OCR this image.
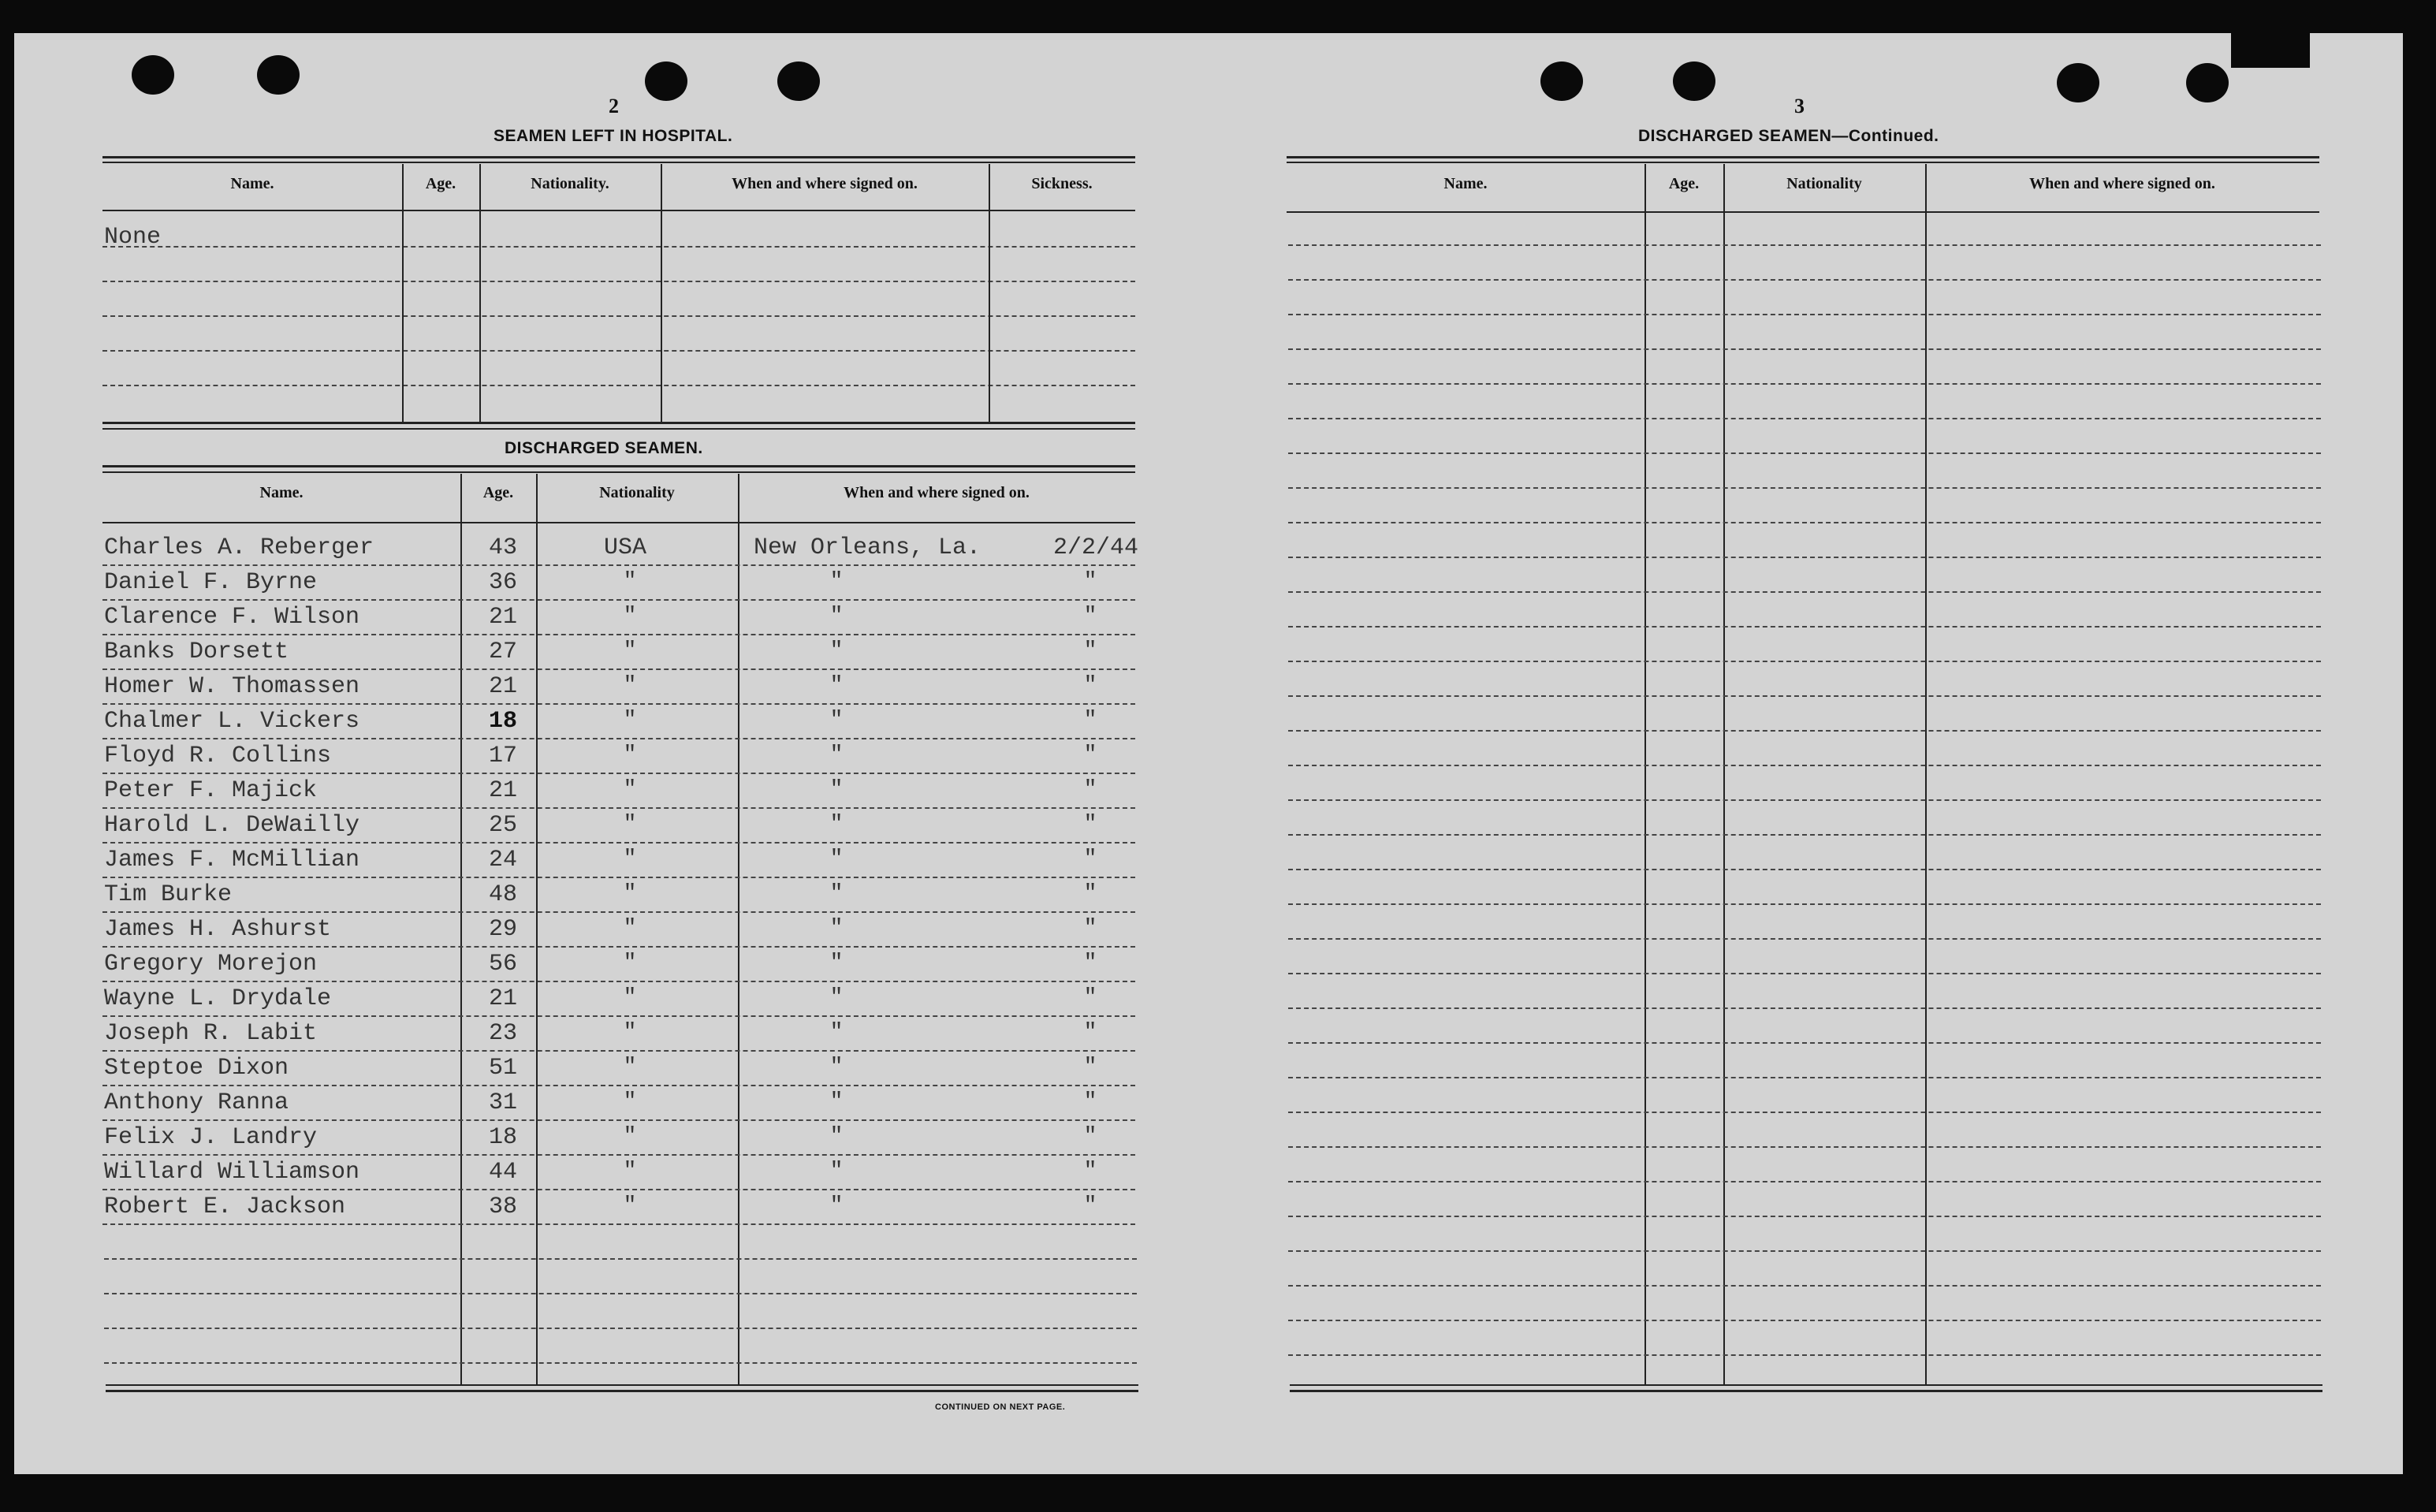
2
SEAMEN LEFT IN HOSPITAL.
Name.	Age.	Nationality.	When and where signed on.	Sickness.
None
DISCHARGED SEAMEN.
Name.	Age.	Nationality	When and where signed on.
Charles A. Reberger	43	USA	New Orleans, La.	2/2/44
Daniel F. Byrne	36	"	"	"
Clarence F. Wilson	21	"	"	"
Banks Dorsett	27	"	"	"
Homer W. Thomassen	21	"	"	"
Chalmer L. Vickers	18	"	"	"
Floyd R. Collins	17	"	"	"
Peter F. Majick	21	"	"	"
Harold L. DeWailly	25	"	"	"
James F. McMillian	24	"	"	"
Tim Burke	48	"	"	"
James H. Ashurst	29	"	"	"
Gregory Morejon	56	"	"	"
Wayne L. Drydale	21	"	"	"
Joseph R. Labit	23	"	"	"
Steptoe Dixon	51	"	"	"
Anthony Ranna	31	"	"	"
Felix J. Landry	18	"	"	"
Willard Williamson	44	"	"	"
Robert E. Jackson	38	"	"	"
CONTINUED ON NEXT PAGE.
3
DISCHARGED SEAMEN—Continued.
Name.	Age.	Nationality	When and where signed on.
